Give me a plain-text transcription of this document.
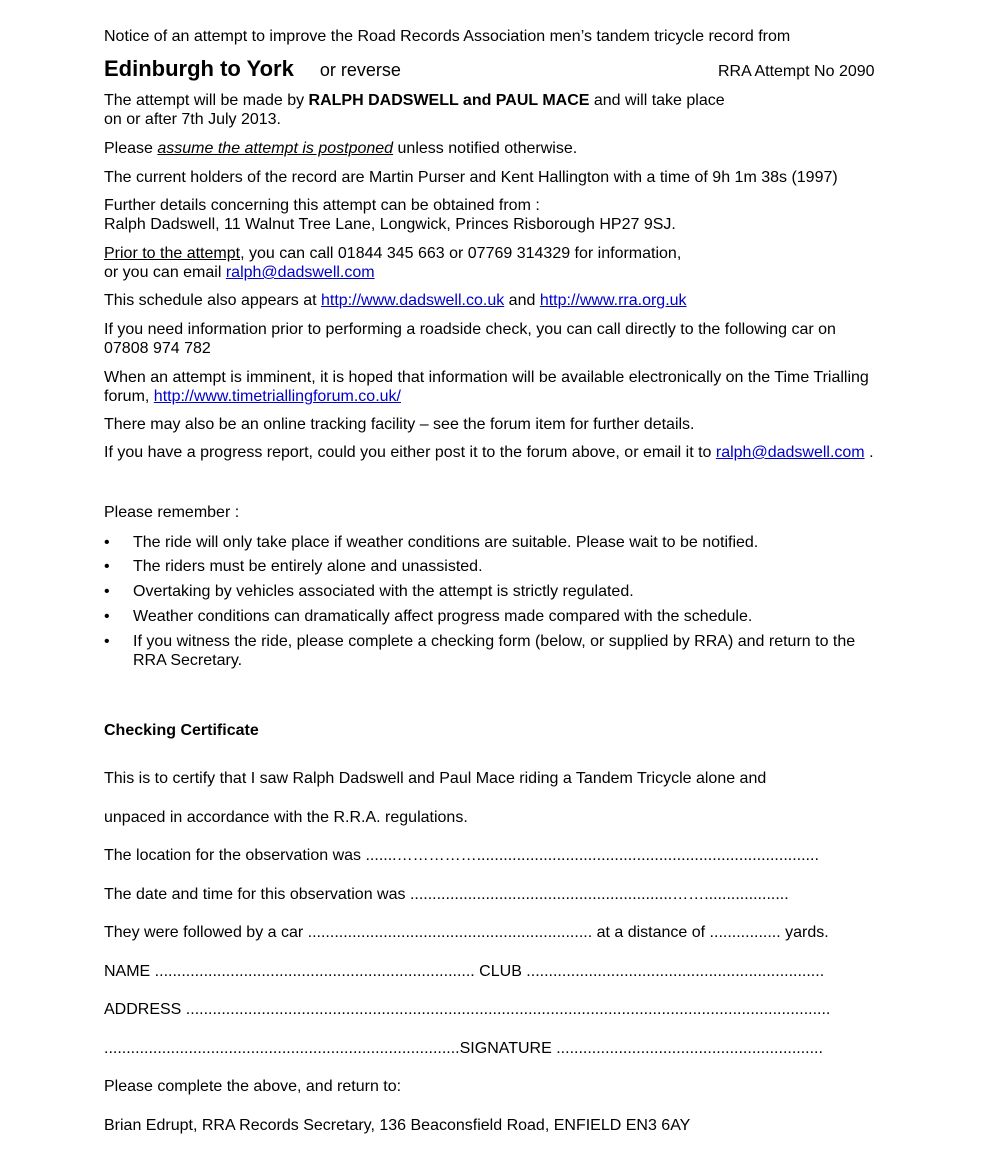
Notice of an attempt to improve the Road Records Association men’s tandem tricycle record from
Edinburgh to York or reverse	RRA Attempt No 2090
The attempt will be made by RALPH DADSWELL and PAUL MACE and will take place
on or after 7th July 2013.
Please assume the attempt is postponed unless notified otherwise.
The current holders of the record are Martin Purser and Kent Hallington with a time of 9h 1m 38s (1997)
Further details concerning this attempt can be obtained from :
Ralph Dadswell, 11 Walnut Tree Lane, Longwick, Princes Risborough HP27 9SJ.
Prior to the attempt, you can call 01844 345 663 or 07769 314329 for information,
or you can email ralph@dadswell.com
This schedule also appears at http://www.dadswell.co.uk and http://www.rra.org.uk
If you need information prior to performing a roadside check, you can call directly to the following car on
07808 974 782
When an attempt is imminent, it is hoped that information will be available electronically on the Time Trialling
forum, http://www.timetriallingforum.co.uk/
There may also be an online tracking facility – see the forum item for further details.
If you have a progress report, could you either post it to the forum above, or email it to ralph@dadswell.com .
Please remember :
•	The ride will only take place if weather conditions are suitable. Please wait to be notified.
•	The riders must be entirely alone and unassisted.
•	Overtaking by vehicles associated with the attempt is strictly regulated.
•	Weather conditions can dramatically affect progress made compared with the schedule.
•	If you witness the ride, please complete a checking form (below, or supplied by RRA) and return to the
RRA Secretary.
Checking Certificate
This is to certify that I saw Ralph Dadswell and Paul Mace riding a Tandem Tricycle alone and
unpaced in accordance with the R.R.A. regulations.
The location for the observation was .......…………….............................................................................
The date and time for this observation was ...........................................................……...................
They were followed by a car ................................................................ at a distance of ................ yards.
NAME ........................................................................ CLUB ...................................................................
ADDRESS .................................................................................................................................................
................................................................................SIGNATURE ............................................................
Please complete the above, and return to:
Brian Edrupt, RRA Records Secretary, 136 Beaconsfield Road, ENFIELD EN3 6AY
